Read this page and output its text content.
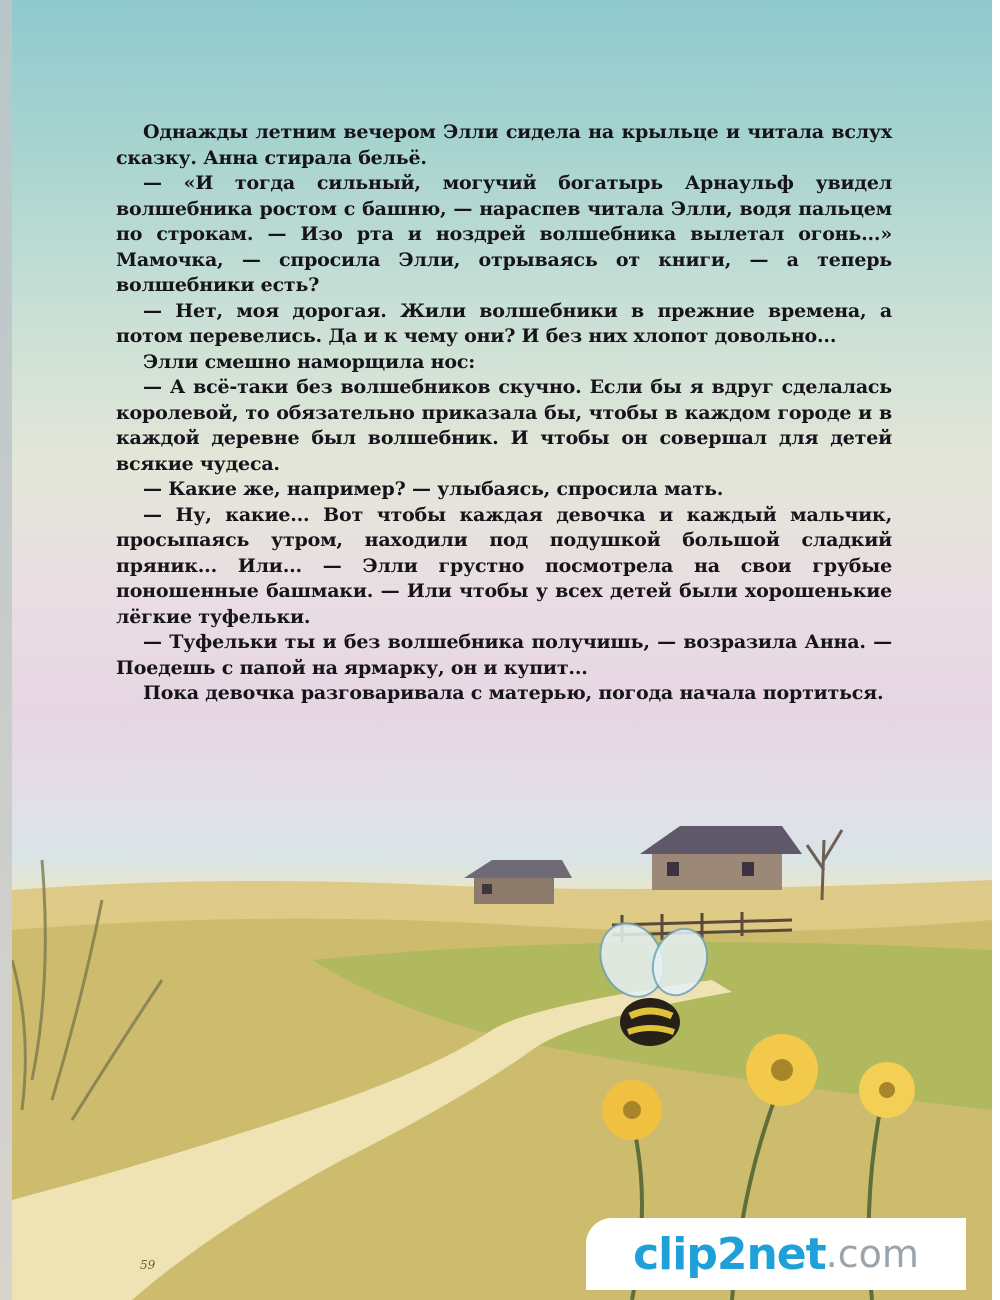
Однажды летним вечером Элли сидела на крыльце и читала вслух сказку. Анна стирала бельё.

— «И тогда сильный, могучий богатырь Арнаульф увидел волшебника ростом с башню, — нараспев читала Элли, водя пальцем по строкам. — Изо рта и ноздрей волшебника вылетал огонь...» Мамочка, — спросила Элли, отрываясь от книги, — а теперь волшебники есть?

— Нет, моя дорогая. Жили волшебники в прежние времена, а потом перевелись. Да и к чему они? И без них хлопот довольно...

Элли смешно наморщила нос:

— А всё-таки без волшебников скучно. Если бы я вдруг сделалась королевой, то обязательно приказала бы, чтобы в каждом городе и в каждой деревне был волшебник. И чтобы он совершал для детей всякие чудеса.

— Какие же, например? — улыбаясь, спросила мать.

— Ну, какие... Вот чтобы каждая девочка и каждый мальчик, просыпаясь утром, находили под подушкой большой сладкий пряник... Или... — Элли грустно посмотрела на свои грубые поношенные башмаки. — Или чтобы у всех детей были хорошенькие лёгкие туфельки.

— Туфельки ты и без волшебника получишь, — возразила Анна. — Поедешь с папой на ярмарку, он и купит...

Пока девочка разговаривала с матерью, погода начала портиться.

59	clip2net .com
